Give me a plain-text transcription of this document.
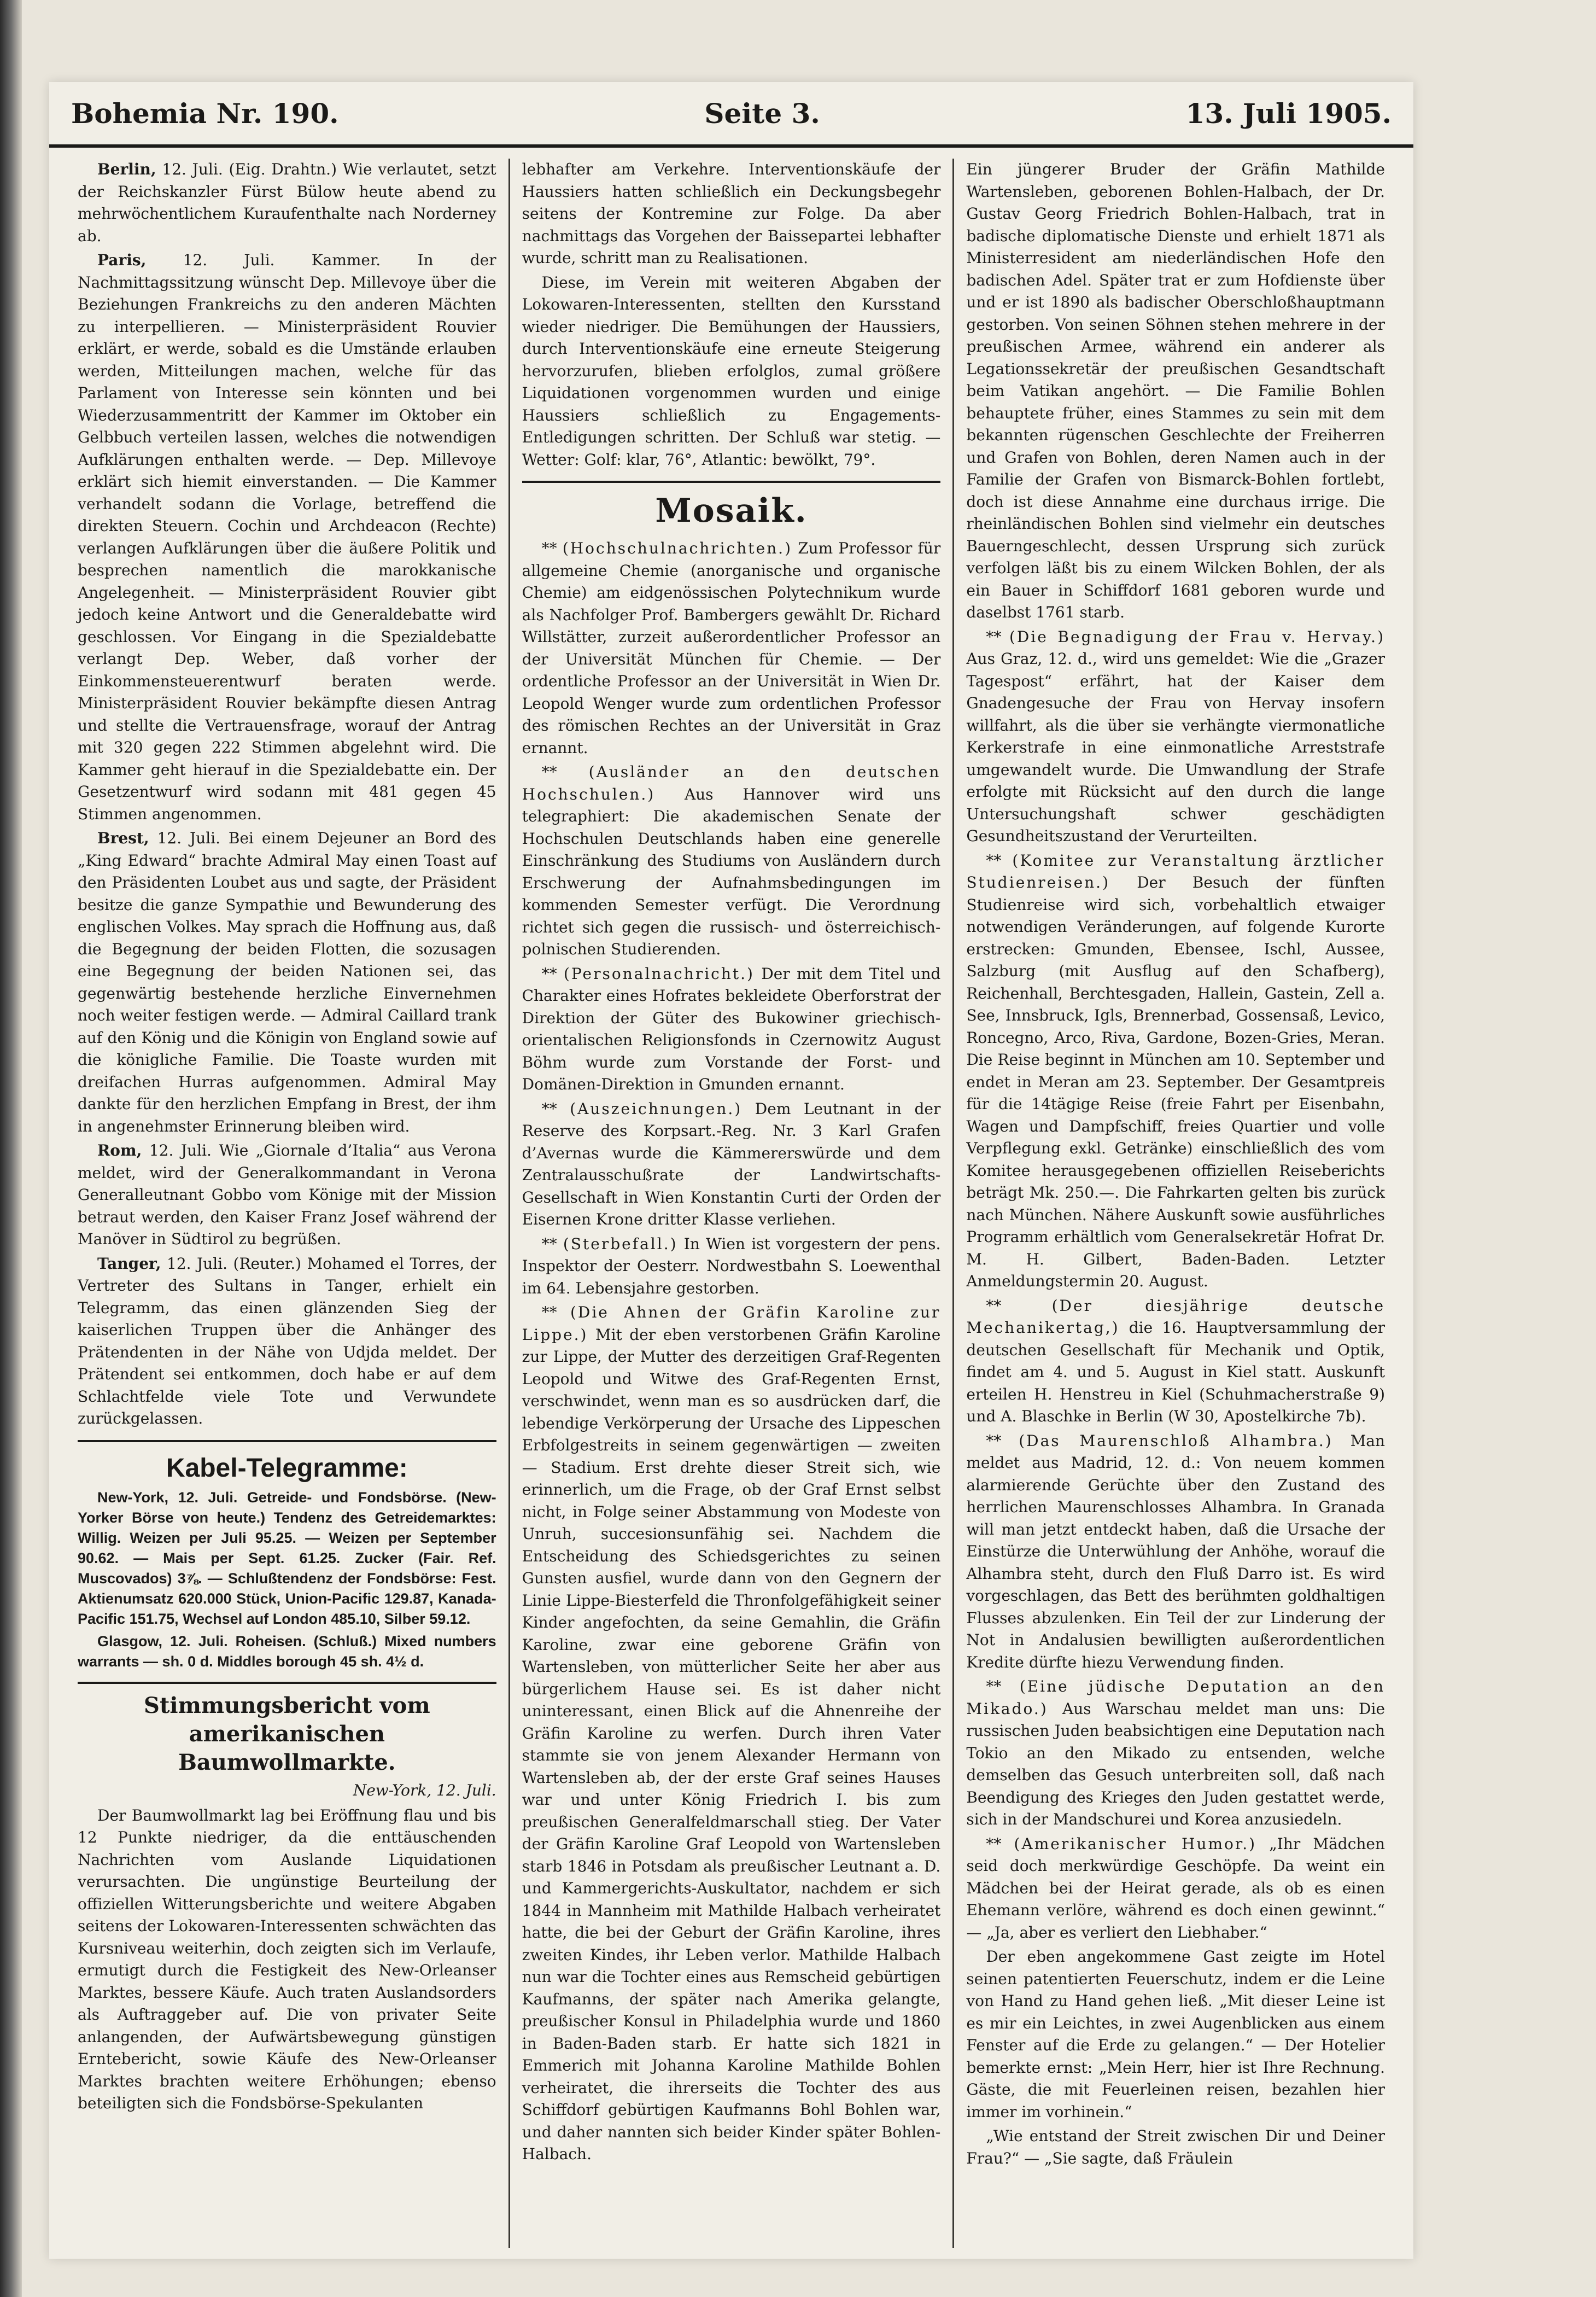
Bohemia Nr. 190.	Seite 3.	13. Juli 1905.

Berlin, 12. Juli. (Eig. Drahtn.) Wie verlautet, setzt der Reichskanzler Fürst Bülow heute abend zu mehrwöchentlichem Kuraufenthalte nach Norderney ab.

Paris, 12. Juli. Kammer. In der Nachmittagssitzung wünscht Dep. Millevoye über die Beziehungen Frankreichs zu den anderen Mächten zu interpellieren. — Ministerpräsident Rouvier erklärt, er werde, sobald es die Umstände erlauben werden, Mitteilungen machen, welche für das Parlament von Interesse sein könnten und bei Wiederzusammentritt der Kammer im Oktober ein Gelbbuch verteilen lassen, welches die notwendigen Aufklärungen enthalten werde. — Dep. Millevoye erklärt sich hiemit einverstanden. — Die Kammer verhandelt sodann die Vorlage, betreffend die direkten Steuern. Cochin und Archdeacon (Rechte) verlangen Aufklärungen über die äußere Politik und besprechen namentlich die marokkanische Angelegenheit. — Ministerpräsident Rouvier gibt jedoch keine Antwort und die Generaldebatte wird geschlossen. Vor Eingang in die Spezialdebatte verlangt Dep. Weber, daß vorher der Einkommensteuerentwurf beraten werde. Ministerpräsident Rouvier bekämpfte diesen Antrag und stellte die Vertrauensfrage, worauf der Antrag mit 320 gegen 222 Stimmen abgelehnt wird. Die Kammer geht hierauf in die Spezialdebatte ein. Der Gesetzentwurf wird sodann mit 481 gegen 45 Stimmen angenommen.

Brest, 12. Juli. Bei einem Dejeuner an Bord des „King Edward“ brachte Admiral May einen Toast auf den Präsidenten Loubet aus und sagte, der Präsident besitze die ganze Sympathie und Bewunderung des englischen Volkes. May sprach die Hoffnung aus, daß die Begegnung der beiden Flotten, die sozusagen eine Begegnung der beiden Nationen sei, das gegenwärtig bestehende herzliche Einvernehmen noch weiter festigen werde. — Admiral Caillard trank auf den König und die Königin von England sowie auf die königliche Familie. Die Toaste wurden mit dreifachen Hurras aufgenommen. Admiral May dankte für den herzlichen Empfang in Brest, der ihm in angenehmster Erinnerung bleiben wird.

Rom, 12. Juli. Wie „Giornale d’Italia“ aus Verona meldet, wird der Generalkommandant in Verona Generalleutnant Gobbo vom Könige mit der Mission betraut werden, den Kaiser Franz Josef während der Manöver in Südtirol zu begrüßen.

Tanger, 12. Juli. (Reuter.) Mohamed el Torres, der Vertreter des Sultans in Tanger, erhielt ein Telegramm, das einen glänzenden Sieg der kaiserlichen Truppen über die Anhänger des Prätendenten in der Nähe von Udjda meldet. Der Prätendent sei entkommen, doch habe er auf dem Schlachtfelde viele Tote und Verwundete zurückgelassen.

Kabel-Telegramme:

New-York, 12. Juli. Getreide- und Fondsbörse. (New-Yorker Börse von heute.) Tendenz des Getreidemarktes: Willig. Weizen per Juli 95.25. — Weizen per September 90.62. — Mais per Sept. 61.25. Zucker (Fair. Ref. Muscovados) 3⅞. — Schlußtendenz der Fondsbörse: Fest. Aktienumsatz 620.000 Stück, Union-Pacific 129.87, Kanada-Pacific 151.75, Wechsel auf London 485.10, Silber 59.12.

Glasgow, 12. Juli. Roheisen. (Schluß.) Mixed numbers warrants — sh. 0 d. Middles borough 45 sh. 4½ d.

Stimmungsbericht vom amerikanischen Baumwollmarkte.
New-York, 12. Juli.

Der Baumwollmarkt lag bei Eröffnung flau und bis 12 Punkte niedriger, da die enttäuschenden Nachrichten vom Auslande Liquidationen verursachten. Die ungünstige Beurteilung der offiziellen Witterungsberichte und weitere Abgaben seitens der Lokowaren-Interessenten schwächten das Kursniveau weiterhin, doch zeigten sich im Verlaufe, ermutigt durch die Festigkeit des New-Orleanser Marktes, bessere Käufe. Auch traten Auslandsorders als Auftraggeber auf. Die von privater Seite anlangenden, der Aufwärtsbewegung günstigen Erntebericht, sowie Käufe des New-Orleanser Marktes brachten weitere Erhöhungen; ebenso beteiligten sich die Fondsbörse-Spekulanten

lebhafter am Verkehre. Interventionskäufe der Haussiers hatten schließlich ein Deckungsbegehr seitens der Kontremine zur Folge. Da aber nachmittags das Vorgehen der Baisseparteі lebhafter wurde, schritt man zu Realisationen.

Diese, im Verein mit weiteren Abgaben der Lokowaren-Interessenten, stellten den Kursstand wieder niedriger. Die Bemühungen der Haussiers, durch Interventionskäufe eine erneute Steigerung hervorzurufen, blieben erfolglos, zumal größere Liquidationen vorgenommen wurden und einige Haussiers schließlich zu Engagements-Entledigungen schritten. Der Schluß war stetig. — Wetter: Golf: klar, 76°, Atlantic: bewölkt, 79°.

Mosaik.

** (Hochschulnachrichten.) Zum Professor für allgemeine Chemie (anorganische und organische Chemie) am eidgenössischen Polytechnikum wurde als Nachfolger Prof. Bambergers gewählt Dr. Richard Willstätter, zurzeit außerordentlicher Professor an der Universität München für Chemie. — Der ordentliche Professor an der Universität in Wien Dr. Leopold Wenger wurde zum ordentlichen Professor des römischen Rechtes an der Universität in Graz ernannt.

** (Ausländer an den deutschen Hochschulen.) Aus Hannover wird uns telegraphiert: Die akademischen Senate der Hochschulen Deutschlands haben eine generelle Einschränkung des Studiums von Ausländern durch Erschwerung der Aufnahmsbedingungen im kommenden Semester verfügt. Die Verordnung richtet sich gegen die russisch- und österreichisch-polnischen Studierenden.

** (Personalnachricht.) Der mit dem Titel und Charakter eines Hofrates bekleidete Oberforstrat der Direktion der Güter des Bukowiner griechisch-orientalischen Religionsfonds in Czernowitz August Böhm wurde zum Vorstande der Forst- und Domänen-Direktion in Gmunden ernannt.

** (Auszeichnungen.) Dem Leutnant in der Reserve des Korpsart.-Reg. Nr. 3 Karl Grafen d’Avernas wurde die Kämmererswürde und dem Zentralausschußrate der Landwirtschafts-Gesellschaft in Wien Konstantin Curti der Orden der Eisernen Krone dritter Klasse verliehen.

** (Sterbefall.) In Wien ist vorgestern der pens. Inspektor der Oesterr. Nordwestbahn S. Loewenthal im 64. Lebensjahre gestorben.

** (Die Ahnen der Gräfin Karoline zur Lippe.) Mit der eben verstorbenen Gräfin Karoline zur Lippe, der Mutter des derzeitigen Graf-Regenten Leopold und Witwe des Graf-Regenten Ernst, verschwindet, wenn man es so ausdrücken darf, die lebendige Verkörperung der Ursache des Lippeschen Erbfolgestreits in seinem gegenwärtigen — zweiten — Stadium. Erst drehte dieser Streit sich, wie erinnerlich, um die Frage, ob der Graf Ernst selbst nicht, in Folge seiner Abstammung von Modeste von Unruh, succesionsunfähig sei. Nachdem die Entscheidung des Schiedsgerichtes zu seinen Gunsten ausfiel, wurde dann von den Gegnern der Linie Lippe-Biesterfeld die Thronfolgefähigkeit seiner Kinder angefochten, da seine Gemahlin, die Gräfin Karoline, zwar eine geborene Gräfin von Wartensleben, von mütterlicher Seite her aber aus bürgerlichem Hause sei. Es ist daher nicht uninteressant, einen Blick auf die Ahnenreihe der Gräfin Karoline zu werfen. Durch ihren Vater stammte sie von jenem Alexander Hermann von Wartensleben ab, der der erste Graf seines Hauses war und unter König Friedrich I. bis zum preußischen Generalfeldmarschall stieg. Der Vater der Gräfin Karoline Graf Leopold von Wartensleben starb 1846 in Potsdam als preußischer Leutnant a. D. und Kammergerichts-Auskultator, nachdem er sich 1844 in Mannheim mit Mathilde Halbach verheiratet hatte, die bei der Geburt der Gräfin Karoline, ihres zweiten Kindes, ihr Leben verlor. Mathilde Halbach nun war die Tochter eines aus Remscheid gebürtigen Kaufmanns, der später nach Amerika gelangte, preußischer Konsul in Philadelphia wurde und 1860 in Baden-Baden starb. Er hatte sich 1821 in Emmerich mit Johanna Karoline Mathilde Bohlen verheiratet, die ihrerseits die Tochter des aus Schiffdorf gebürtigen Kaufmanns Bohl Bohlen war, und daher nannten sich beider Kinder später Bohlen-Halbach.

Ein jüngerer Bruder der Gräfin Mathilde Wartensleben, geborenen Bohlen-Halbach, der Dr. Gustav Georg Friedrich Bohlen-Halbach, trat in badische diplomatische Dienste und erhielt 1871 als Ministerresident am niederländischen Hofe den badischen Adel. Später trat er zum Hofdienste über und er ist 1890 als badischer Oberschloßhauptmann gestorben. Von seinen Söhnen stehen mehrere in der preußischen Armee, während ein anderer als Legationssekretär der preußischen Gesandtschaft beim Vatikan angehört. — Die Familie Bohlen behauptete früher, eines Stammes zu sein mit dem bekannten rügenschen Geschlechte der Freiherren und Grafen von Bohlen, deren Namen auch in der Familie der Grafen von Bismarck-Bohlen fortlebt, doch ist diese Annahme eine durchaus irrige. Die rheinländischen Bohlen sind vielmehr ein deutsches Bauerngeschlecht, dessen Ursprung sich zurück verfolgen läßt bis zu einem Wilcken Bohlen, der als ein Bauer in Schiffdorf 1681 geboren wurde und daselbst 1761 starb.

** (Die Begnadigung der Frau v. Hervay.) Aus Graz, 12. d., wird uns gemeldet: Wie die „Grazer Tagespost“ erfährt, hat der Kaiser dem Gnadengesuche der Frau von Hervay insofern willfahrt, als die über sie verhängte viermonatliche Kerkerstrafe in eine einmonatliche Arreststrafe umgewandelt wurde. Die Umwandlung der Strafe erfolgte mit Rücksicht auf den durch die lange Untersuchungshaft schwer geschädigten Gesundheitszustand der Verurteilten.

** (Komitee zur Veranstaltung ärztlicher Studienreisen.) Der Besuch der fünften Studienreise wird sich, vorbehaltlich etwaiger notwendigen Veränderungen, auf folgende Kurorte erstrecken: Gmunden, Ebensee, Ischl, Aussee, Salzburg (mit Ausflug auf den Schafberg), Reichenhall, Berchtesgaden, Hallein, Gastein, Zell a. See, Innsbruck, Igls, Brennerbad, Gossensaß, Levico, Roncegno, Arco, Riva, Gardone, Bozen-Gries, Meran. Die Reise beginnt in München am 10. September und endet in Meran am 23. September. Der Gesamtpreis für die 14tägige Reise (freie Fahrt per Eisenbahn, Wagen und Dampfschiff, freies Quartier und volle Verpflegung exkl. Getränke) einschließlich des vom Komitee herausgegebenen offiziellen Reiseberichts beträgt Mk. 250.—. Die Fahrkarten gelten bis zurück nach München. Nähere Auskunft sowie ausführliches Programm erhältlich vom Generalsekretär Hofrat Dr. M. H. Gilbert, Baden-Baden. Letzter Anmeldungstermin 20. August.

** (Der diesjährige deutsche Mechanikertag,) die 16. Hauptversammlung der deutschen Gesellschaft für Mechanik und Optik, findet am 4. und 5. August in Kiel statt. Auskunft erteilen H. Henstreu in Kiel (Schuhmacherstraße 9) und A. Blaschke in Berlin (W 30, Apostelkirche 7b).

** (Das Maurenschloß Alhambra.) Man meldet aus Madrid, 12. d.: Von neuem kommen alarmierende Gerüchte über den Zustand des herrlichen Maurenschlosses Alhambra. In Granada will man jetzt entdeckt haben, daß die Ursache der Einstürze die Unterwühlung der Anhöhe, worauf die Alhambra steht, durch den Fluß Darro ist. Es wird vorgeschlagen, das Bett des berühmten goldhaltigen Flusses abzulenken. Ein Teil der zur Linderung der Not in Andalusien bewilligten außerordentlichen Kredite dürfte hiezu Verwendung finden.

** (Eine jüdische Deputation an den Mikado.) Aus Warschau meldet man uns: Die russischen Juden beabsichtigen eine Deputation nach Tokio an den Mikado zu entsenden, welche demselben das Gesuch unterbreiten soll, daß nach Beendigung des Krieges den Juden gestattet werde, sich in der Mandschurei und Korea anzusiedeln.

** (Amerikanischer Humor.) „Ihr Mädchen seid doch merkwürdige Geschöpfe. Da weint ein Mädchen bei der Heirat gerade, als ob es einen Ehemann verlöre, während es doch einen gewinnt.“ — „Ja, aber es verliert den Liebhaber.“

Der eben angekommene Gast zeigte im Hotel seinen patentierten Feuerschutz, indem er die Leine von Hand zu Hand gehen ließ. „Mit dieser Leine ist es mir ein Leichtes, in zwei Augenblicken aus einem Fenster auf die Erde zu gelangen.“ — Der Hotelier bemerkte ernst: „Mein Herr, hier ist Ihre Rechnung. Gäste, die mit Feuerleinen reisen, bezahlen hier immer im vorhinein.“

„Wie entstand der Streit zwischen Dir und Deiner Frau?“ — „Sie sagte, daß Fräulein
